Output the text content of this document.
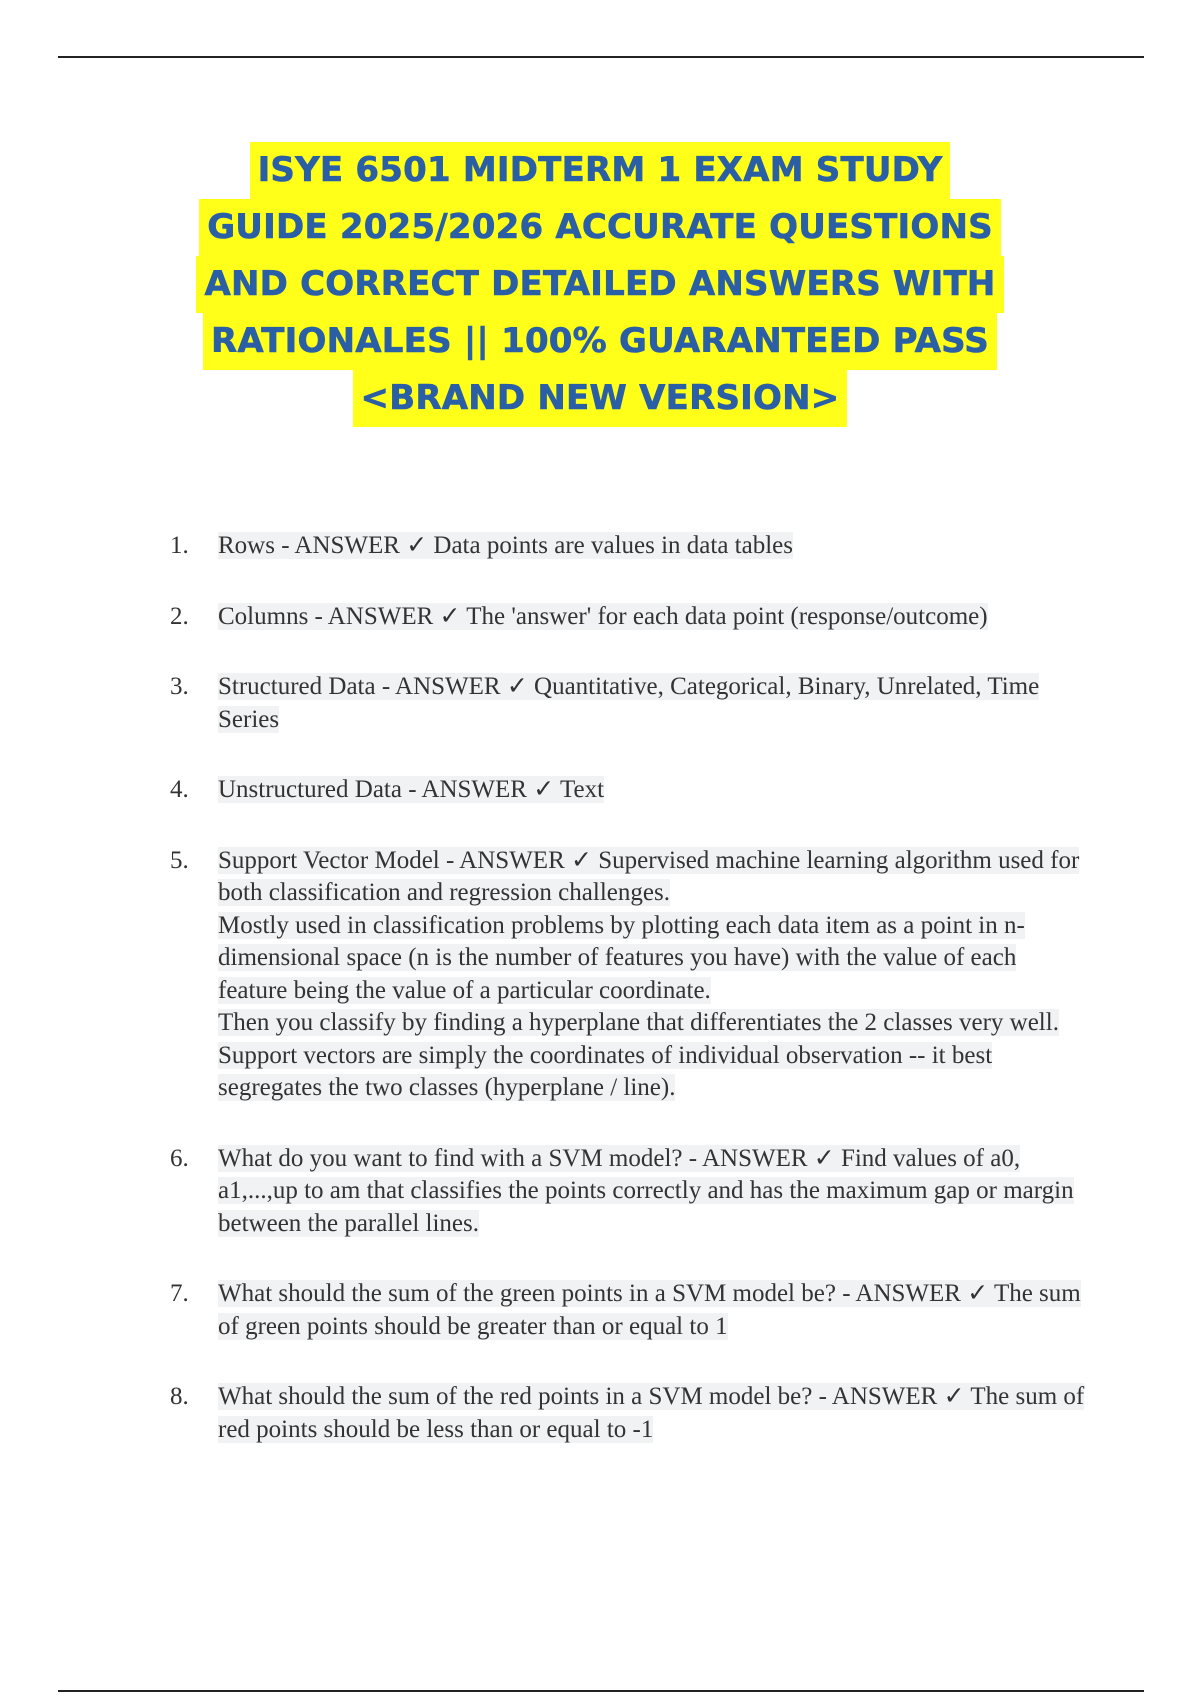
ISYE 6501 MIDTERM 1 EXAM STUDY
GUIDE 2025/2026 ACCURATE QUESTIONS
AND CORRECT DETAILED ANSWERS WITH
RATIONALES || 100% GUARANTEED PASS
<BRAND NEW VERSION>
1.	Rows - ANSWER ✓ Data points are values in data tables
2.	Columns - ANSWER ✓ The 'answer' for each data point (response/outcome)
3.	Structured Data - ANSWER ✓ Quantitative, Categorical, Binary, Unrelated, Time Series
4.	Unstructured Data - ANSWER ✓ Text
5.	Support Vector Model - ANSWER ✓ Supervised machine learning algorithm used for both classification and regression challenges.
Mostly used in classification problems by plotting each data item as a point in n-dimensional space (n is the number of features you have) with the value of each feature being the value of a particular coordinate.
Then you classify by finding a hyperplane that differentiates the 2 classes very well. Support vectors are simply the coordinates of individual observation -- it best segregates the two classes (hyperplane / line).
6.	What do you want to find with a SVM model? - ANSWER ✓ Find values of a0, a1,...,up to am that classifies the points correctly and has the maximum gap or margin between the parallel lines.
7.	What should the sum of the green points in a SVM model be? - ANSWER ✓ The sum of green points should be greater than or equal to 1
8.	What should the sum of the red points in a SVM model be? - ANSWER ✓ The sum of red points should be less than or equal to -1
